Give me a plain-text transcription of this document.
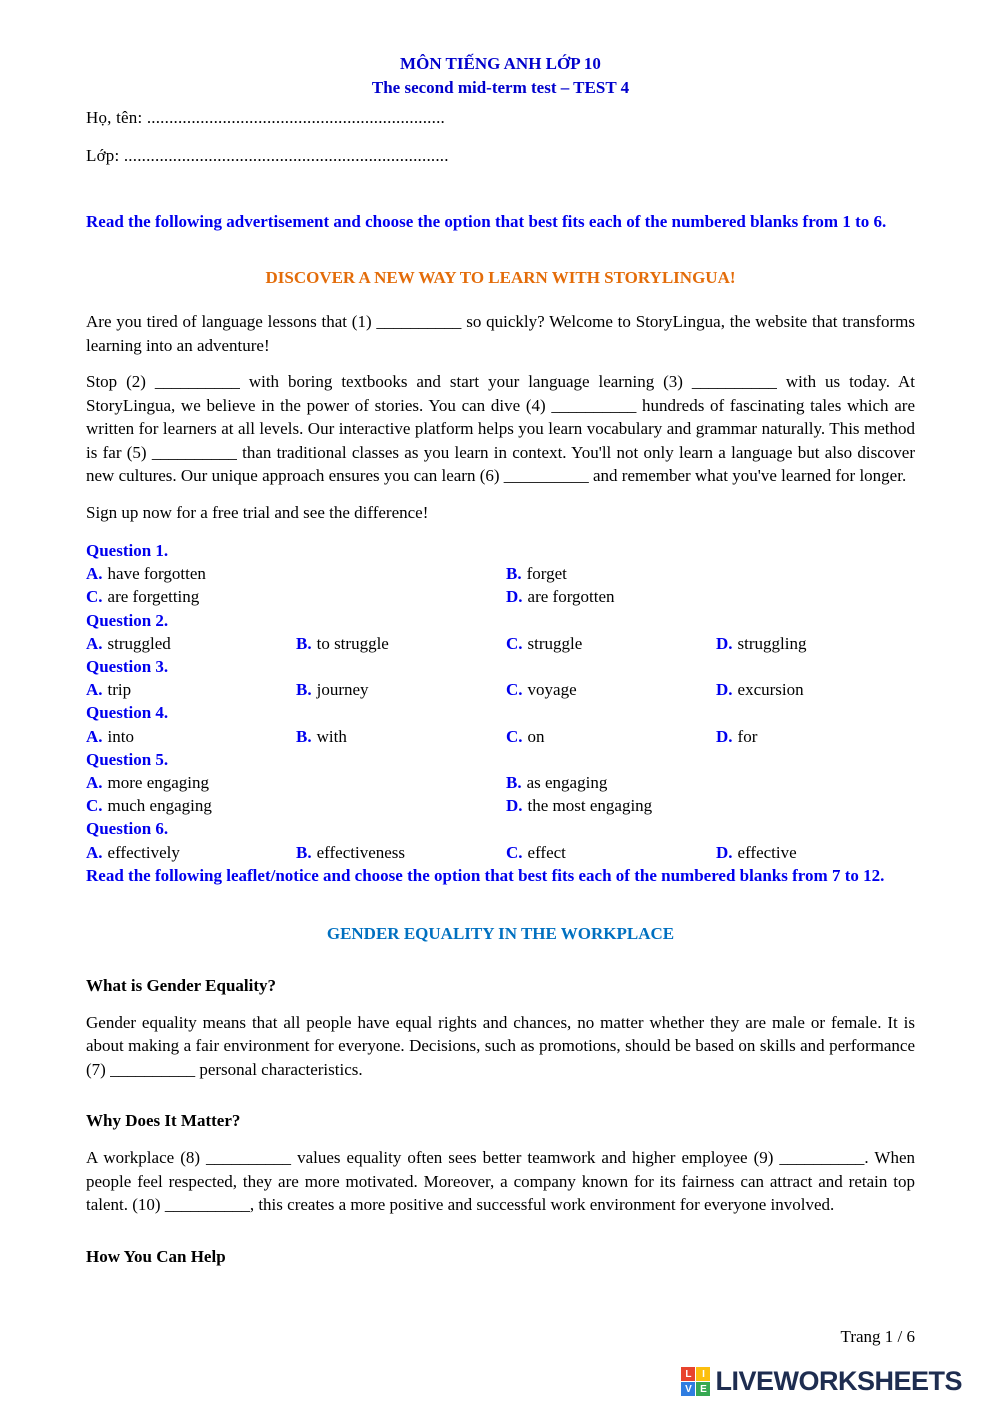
MÔN TIẾNG ANH LỚP 10
The second mid-term test – TEST 4
Họ, tên: ...................................................................
Lớp: .........................................................................
Read the following advertisement and choose the option that best fits each of the numbered blanks from 1 to 6.
DISCOVER A NEW WAY TO LEARN WITH STORYLINGUA!

Are you tired of language lessons that (1) __________ so quickly? Welcome to StoryLingua, the website that transforms learning into an adventure!

Stop (2) __________ with boring textbooks and start your language learning (3) __________ with us today. At StoryLingua, we believe in the power of stories. You can dive (4) __________ hundreds of fascinating tales which are written for learners at all levels. Our interactive platform helps you learn vocabulary and grammar naturally. This method is far (5) __________ than traditional classes as you learn in context. You'll not only learn a language but also discover new cultures. Our unique approach ensures you can learn (6) __________ and remember what you've learned for longer.

Sign up now for a free trial and see the difference!

Question 1.
A. have forgotten	B. forget
C. are forgetting	D. are forgotten
Question 2.
A. struggled	B. to struggle	C. struggle	D. struggling
Question 3.
A. trip	B. journey	C. voyage	D. excursion
Question 4.
A. into	B. with	C. on	D. for
Question 5.
A. more engaging	B. as engaging
C. much engaging	D. the most engaging
Question 6.
A. effectively	B. effectiveness	C. effect	D. effective
Read the following leaflet/notice and choose the option that best fits each of the numbered blanks from 7 to 12.
GENDER EQUALITY IN THE WORKPLACE
What is Gender Equality?

Gender equality means that all people have equal rights and chances, no matter whether they are male or female. It is about making a fair environment for everyone. Decisions, such as promotions, should be based on skills and performance (7) __________ personal characteristics.

Why Does It Matter?

A workplace (8) __________ values equality often sees better teamwork and higher employee (9) __________. When people feel respected, they are more motivated. Moreover, a company known for its fairness can attract and retain top talent. (10) __________, this creates a more positive and successful work environment for everyone involved.

How You Can Help
Trang 1 / 6
L	I
V E LIVEWORKSHEETS
